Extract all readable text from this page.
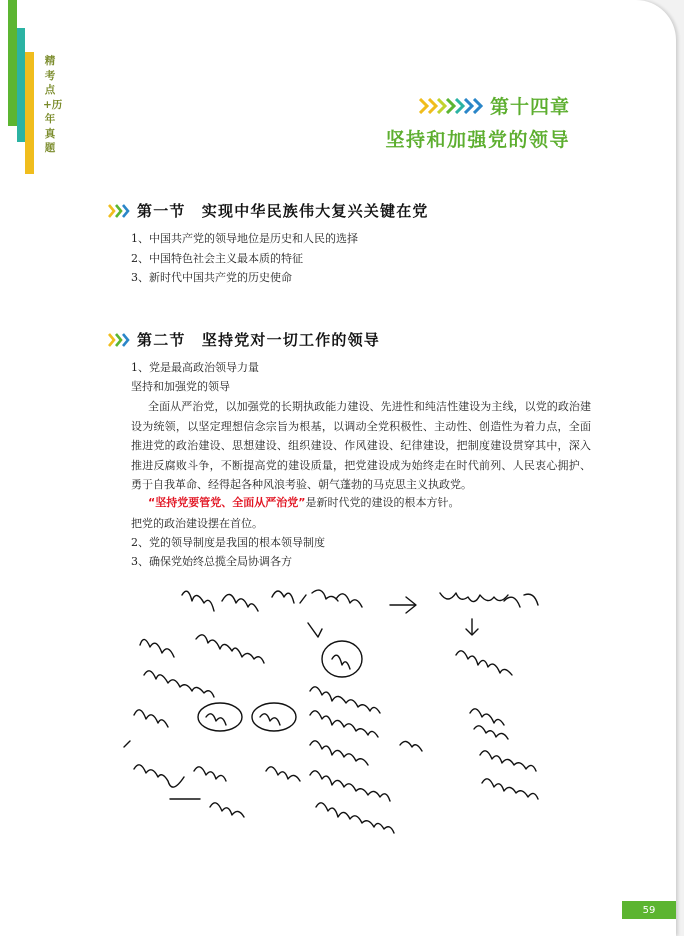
精考点+历年真题
第十四章
坚持和加强党的领导
第一节　实现中华民族伟大复兴关键在党
1、中国共产党的领导地位是历史和人民的选择
2、中国特色社会主义最本质的特征
3、新时代中国共产党的历史使命
第二节　坚持党对一切工作的领导
1、党是最高政治领导力量
坚持和加强党的领导
全面从严治党，以加强党的长期执政能力建设、先进性和纯洁性建设为主线，以党的政治建设为统领，以坚定理想信念宗旨为根基，以调动全党积极性、主动性、创造性为着力点，全面推进党的政治建设、思想建设、组织建设、作风建设、纪律建设，把制度建设贯穿其中，深入推进反腐败斗争，不断提高党的建设质量，把党建设成为始终走在时代前列、人民衷心拥护、勇于自我革命、经得起各种风浪考验、朝气蓬勃的马克思主义执政党。
“坚持党要管党、全面从严治党”是新时代党的建设的根本方针。
把党的政治建设摆在首位。
2、党的领导制度是我国的根本领导制度
3、确保党始终总揽全局协调各方
59
